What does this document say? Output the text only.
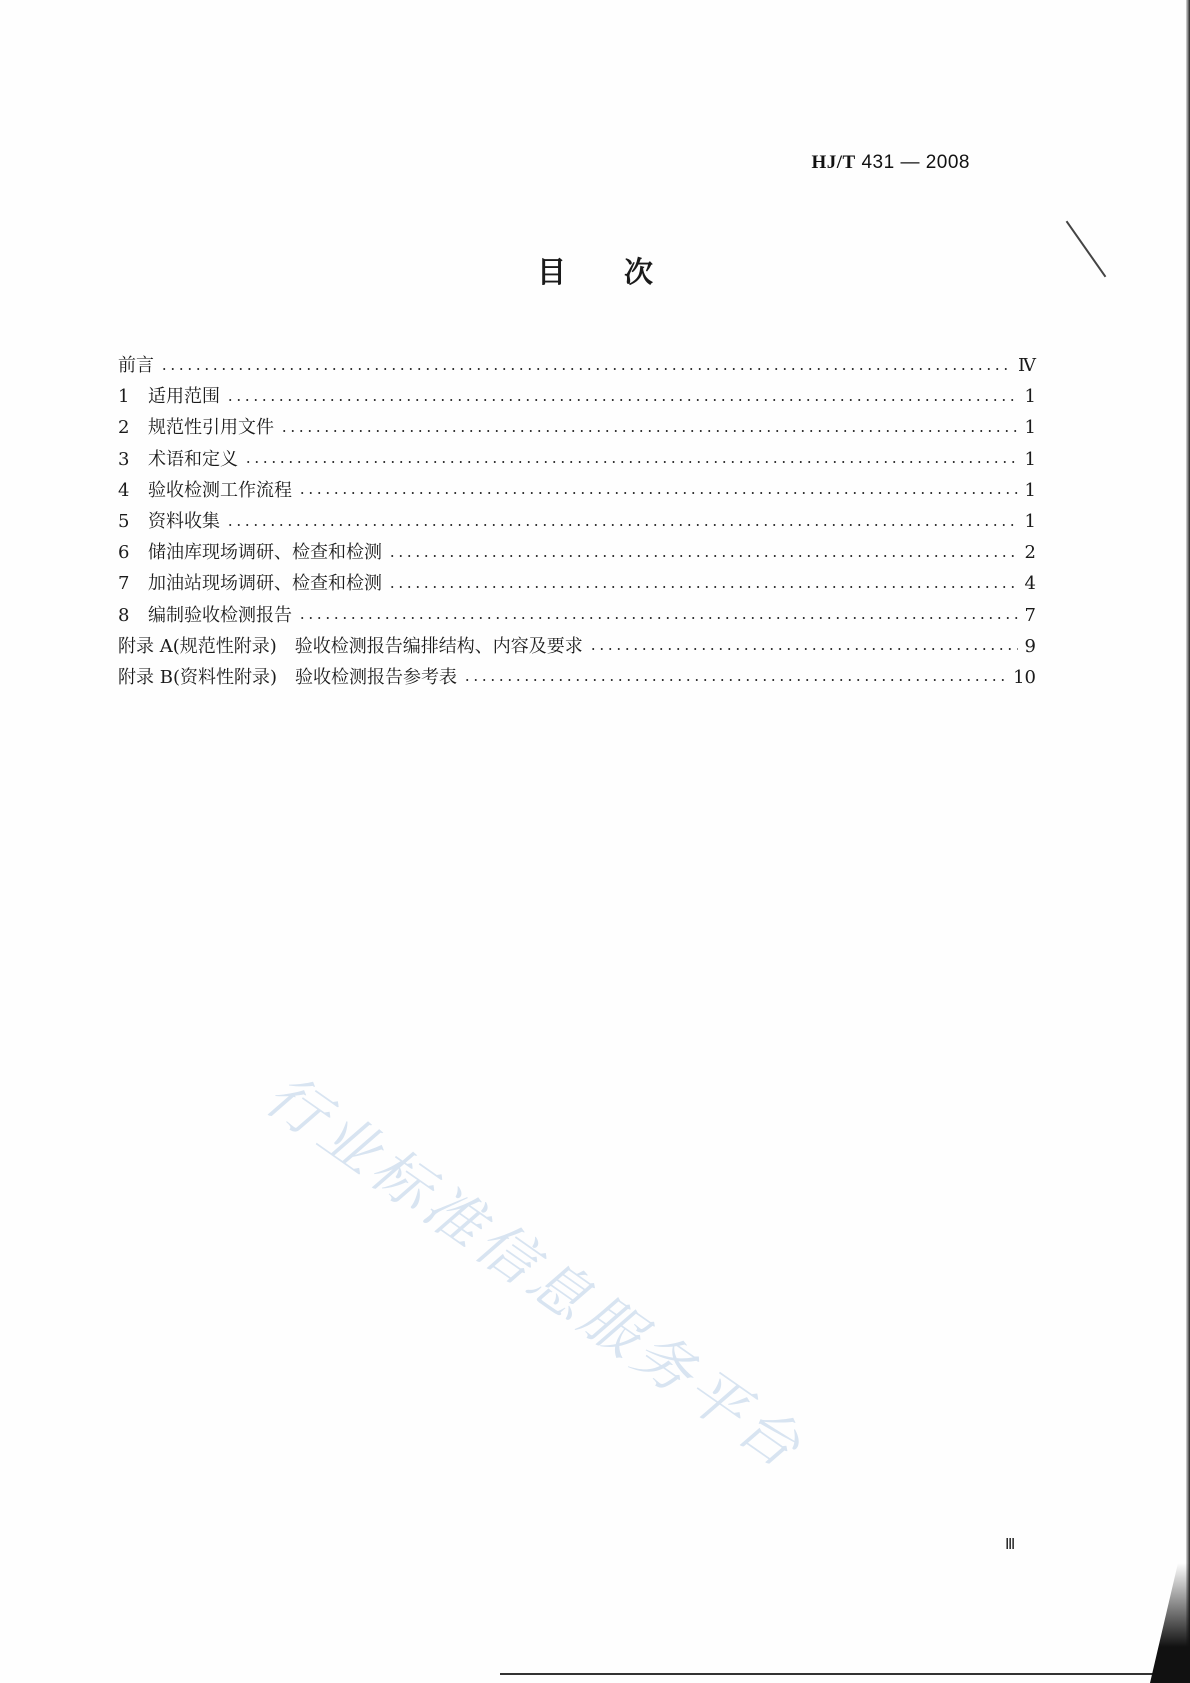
HJ/T 431 — 2008
目次
前言	Ⅳ
1	适用范围	1
2	规范性引用文件	1
3	术语和定义	1
4	验收检测工作流程	1
5	资料收集	1
6	储油库现场调研、检查和检测	2
7	加油站现场调研、检查和检测	4
8	编制验收检测报告	7
附录 A(规范性附录)　验收检测报告编排结构、内容及要求	9
附录 B(资料性附录)　验收检测报告参考表	10
行业标准信息服务平台
Ⅲ
